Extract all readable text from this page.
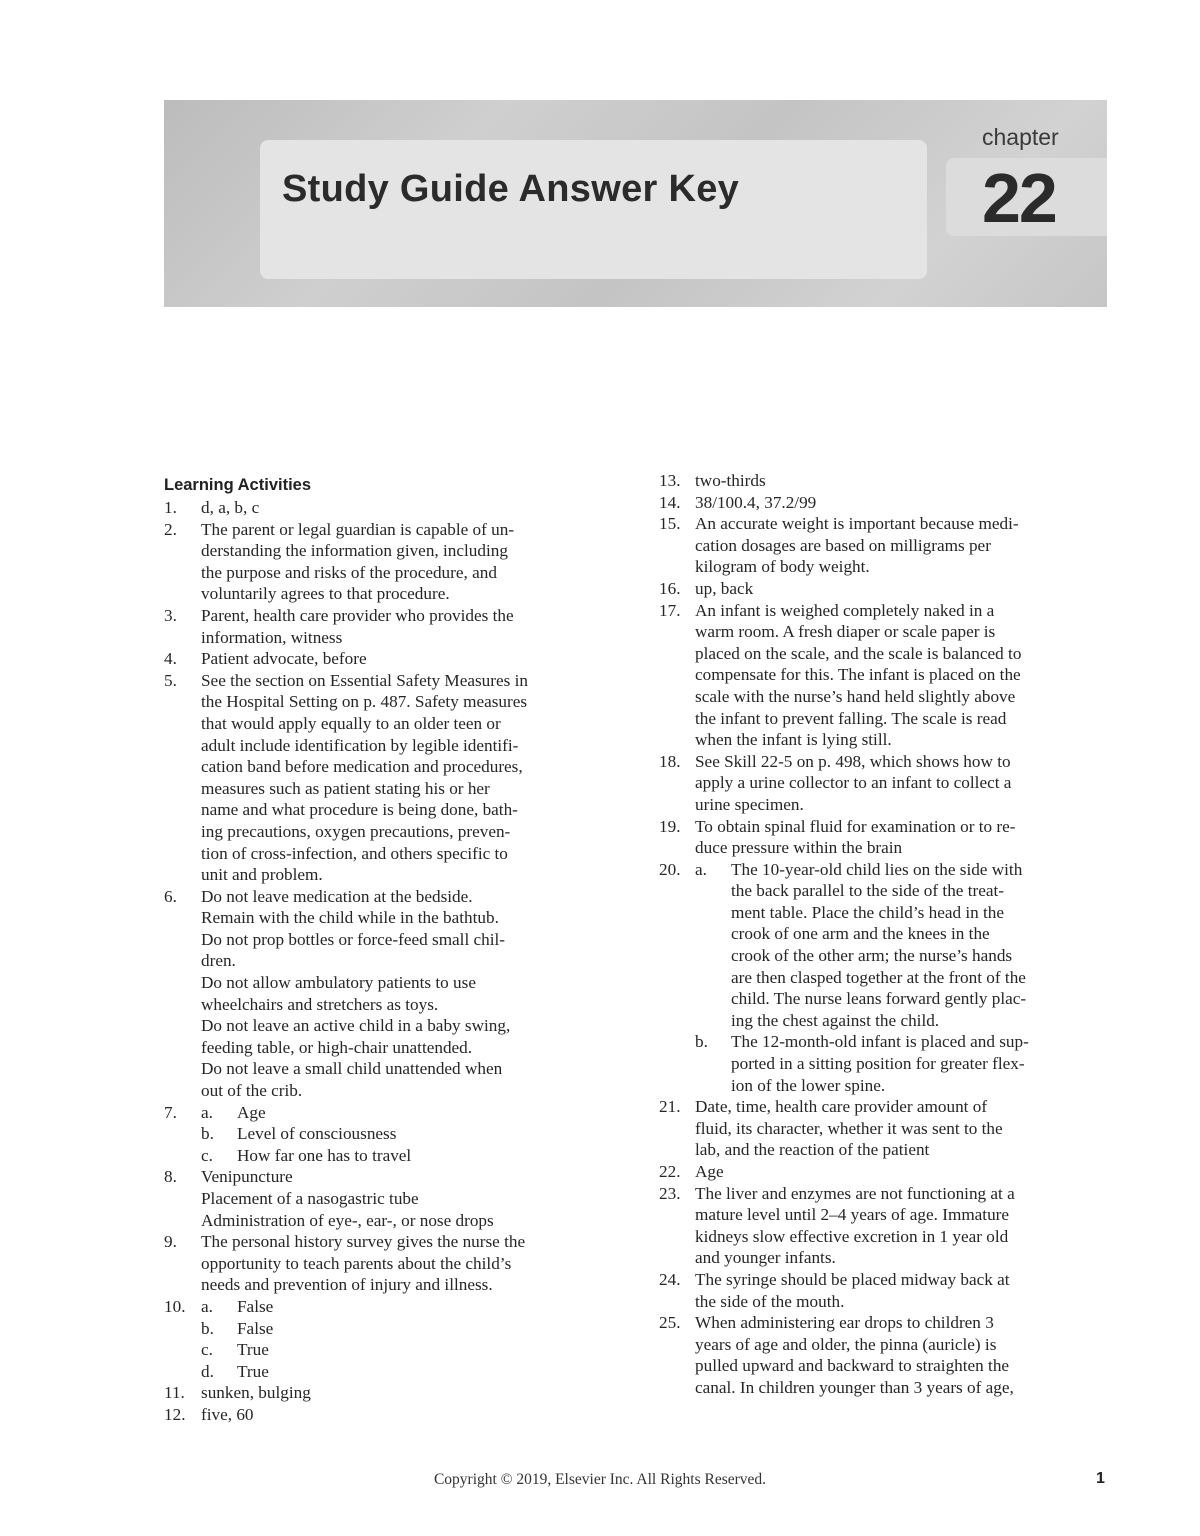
Study Guide Answer Key
chapter
22
Learning Activities
1. d, a, b, c

2. The parent or legal guardian is capable of un-

derstanding the information given, including

the purpose and risks of the procedure, and

voluntarily agrees to that procedure.

3. Parent, health care provider who provides the

information, witness

4. Patient advocate, before

5. See the section on Essential Safety Measures in

the Hospital Setting on p. 487. Safety measures

that would apply equally to an older teen or

adult include identification by legible identifi-

cation band before medication and procedures,

measures such as patient stating his or her

name and what procedure is being done, bath-

ing precautions, oxygen precautions, preven-

tion of cross-infection, and others specific to

unit and problem.

6. Do not leave medication at the bedside.

Remain with the child while in the bathtub.

Do not prop bottles or force-feed small chil-

dren.

Do not allow ambulatory patients to use

wheelchairs and stretchers as toys.

Do not leave an active child in a baby swing,

feeding table, or high-chair unattended.

Do not leave a small child unattended when

out of the crib.

7. a. Age

b. Level of consciousness

c. How far one has to travel

8. Venipuncture

Placement of a nasogastric tube

Administration of eye-, ear-, or nose drops

9. The personal history survey gives the nurse the

opportunity to teach parents about the child’s

needs and prevention of injury and illness.

10. a. False

b. False

c. True

d. True

11. sunken, bulging

12. five, 60

13. two-thirds

14. 38/100.4, 37.2/99

15. An accurate weight is important because medi-

cation dosages are based on milligrams per

kilogram of body weight.

16. up, back

17. An infant is weighed completely naked in a

warm room. A fresh diaper or scale paper is

placed on the scale, and the scale is balanced to

compensate for this. The infant is placed on the

scale with the nurse’s hand held slightly above

the infant to prevent falling. The scale is read

when the infant is lying still.

18. See Skill 22-5 on p. 498, which shows how to

apply a urine collector to an infant to collect a

urine specimen.

19. To obtain spinal fluid for examination or to re-

duce pressure within the brain

20. a. The 10-year-old child lies on the side with

the back parallel to the side of the treat-

ment table. Place the child’s head in the

crook of one arm and the knees in the

crook of the other arm; the nurse’s hands

are then clasped together at the front of the

child. The nurse leans forward gently plac-

ing the chest against the child.

b. The 12-month-old infant is placed and sup-

ported in a sitting position for greater flex-

ion of the lower spine.

21. Date, time, health care provider amount of

fluid, its character, whether it was sent to the

lab, and the reaction of the patient

22. Age

23. The liver and enzymes are not functioning at a

mature level until 2–4 years of age. Immature

kidneys slow effective excretion in 1 year old

and younger infants.

24. The syringe should be placed midway back at

the side of the mouth.

25. When administering ear drops to children 3

years of age and older, the pinna (auricle) is

pulled upward and backward to straighten the

canal. In children younger than 3 years of age,

Copyright © 2019, Elsevier Inc. All Rights Reserved.	1
